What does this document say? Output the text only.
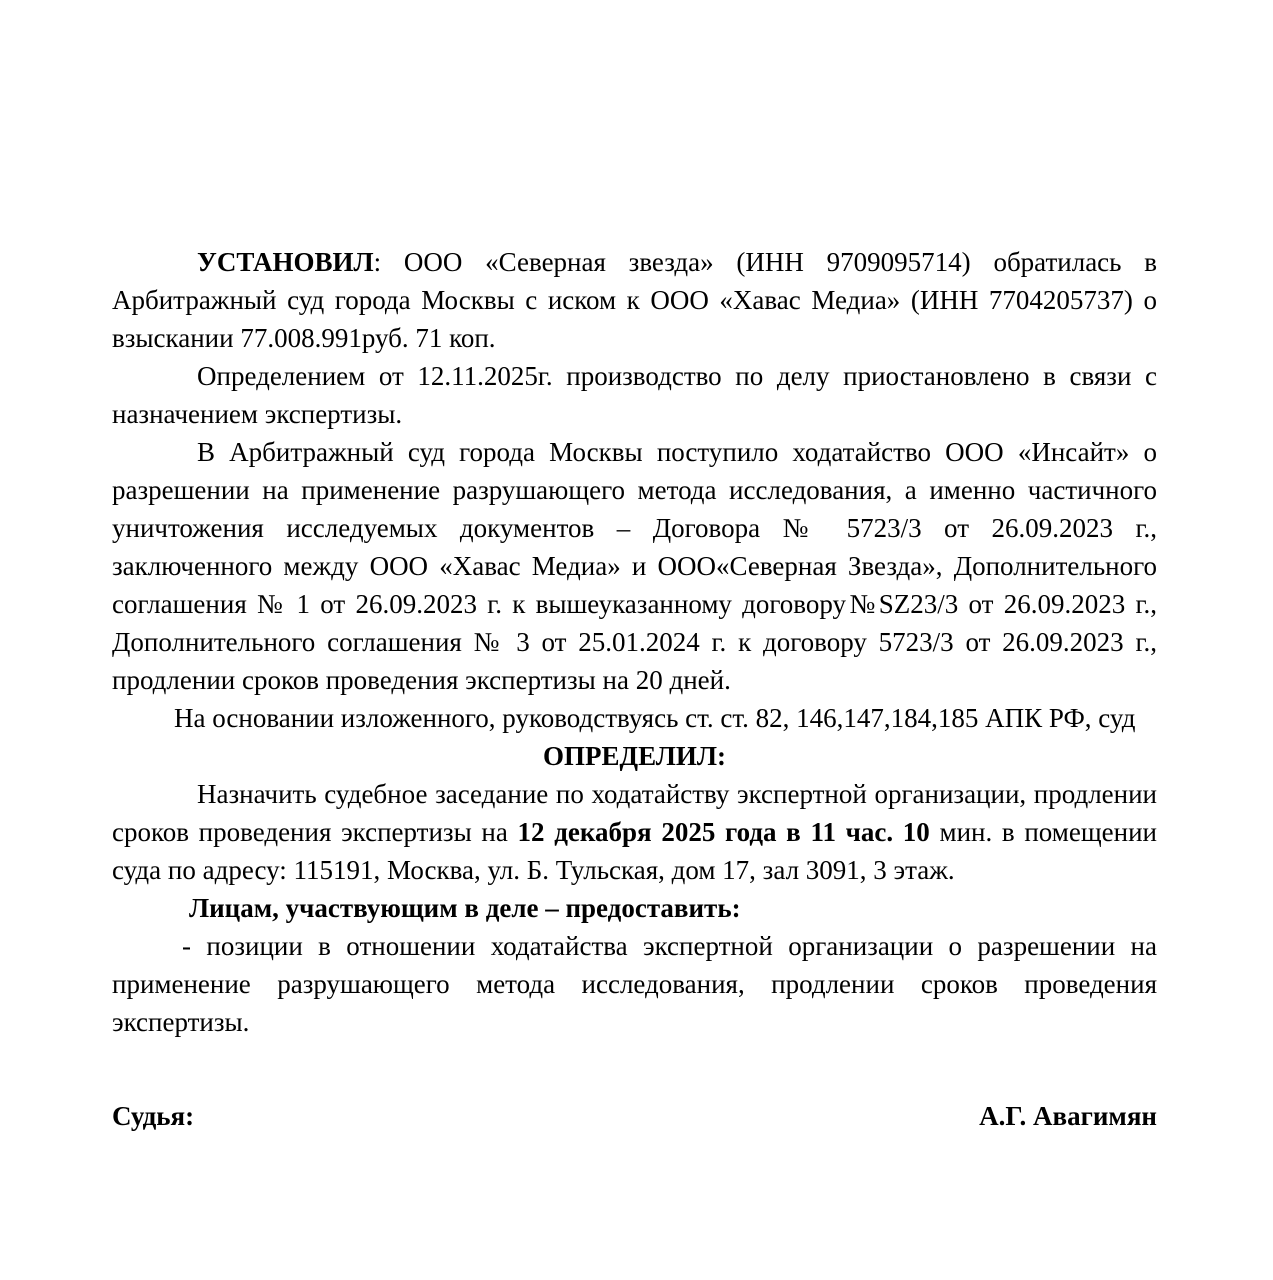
УСТАНОВИЛ: ООО «Северная звезда» (ИНН 9709095714) обратилась в Арбитражный суд города Москвы с иском к ООО «Хавас Медиа» (ИНН 7704205737) о взыскании 77.008.991руб. 71 коп.

Определением от 12.11.2025г. производство по делу приостановлено в связи с назначением экспертизы.

В Арбитражный суд города Москвы поступило ходатайство ООО «Инсайт» о разрешении на применение разрушающего метода исследования, а именно частичного уничтожения исследуемых документов – Договора № 5723/3 от 26.09.2023 г., заключенного между ООО «Хавас Медиа» и ООО«Северная Звезда», Дополнительного соглашения № 1 от 26.09.2023 г. к вышеуказанному договору№SZ23/3 от 26.09.2023 г., Дополнительного соглашения № 3 от 25.01.2024 г. к договору 5723/3 от 26.09.2023 г., продлении сроков проведения экспертизы на 20 дней.

На основании изложенного, руководствуясь ст. ст. 82, 146,147,184,185 АПК РФ, суд

ОПРЕДЕЛИЛ:

Назначить судебное заседание по ходатайству экспертной организации, продлении сроков проведения экспертизы на 12 декабря 2025 года в 11 час. 10 мин. в помещении суда по адресу: 115191, Москва, ул. Б. Тульская, дом 17, зал 3091, 3 этаж.

Лицам, участвующим в деле – предоставить:

- позиции в отношении ходатайства экспертной организации о разрешении на применение разрушающего метода исследования, продлении сроков проведения экспертизы.

Судья:	А.Г. Авагимян
